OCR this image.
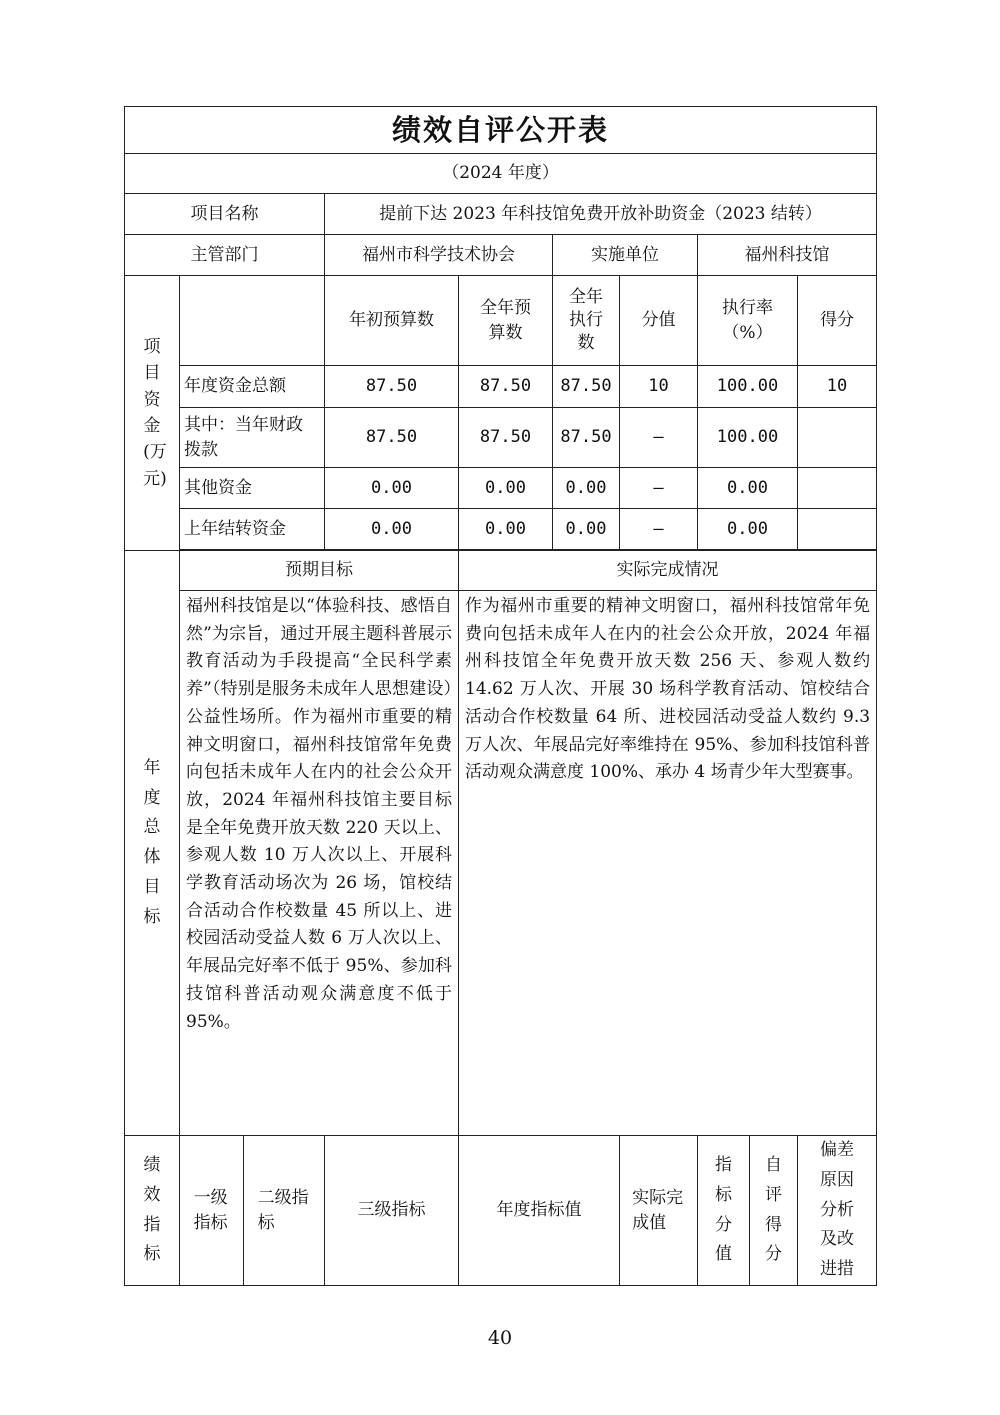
绩效自评公开表									
（2024 年度）									
项目名称			提前下达 2023 年科技馆免费开放补助资金（2023 结转）						
主管部门			福州市科学技术协会		实施单位		福州科技馆		
项目资金(万元)			年初预算数	全年预算数	全年执行数	分值	执行率（%）		得分
	年度资金总额		87.50	87.50	87.50	10	100.00		10
	其中：当年财政拨款		87.50	87.50	87.50	—	100.00		
	其他资金		0.00	0.00	0.00	—	0.00		
	上年结转资金		0.00	0.00	0.00	—	0.00		

年度总体目标	预期目标			实际完成情况					
	福州科技馆是以“体验科技、感悟自然”为宗旨，通过开展主题科普展示教育活动为手段提高“全民科学素养”（特别是服务未成年人思想建设）公益性场所。作为福州市重要的精神文明窗口，福州科技馆常年免费向包括未成年人在内的社会公众开放，2024 年福州科技馆主要目标是全年免费开放天数 220 天以上、参观人数 10 万人次以上、开展科学教育活动场次为 26 场，馆校结合活动合作校数量 45 所以上、进校园活动受益人数 6 万人次以上、年展品完好率不低于 95%、参加科技馆科普活动观众满意度不低于 95%。			作为福州市重要的精神文明窗口，福州科技馆常年免费向包括未成年人在内的社会公众开放，2024 年福州科技馆全年免费开放天数 256 天、参观人数约 14.62 万人次、开展 30 场科学教育活动、馆校结合活动合作校数量 64 所、进校园活动受益人数约 9.3 万人次、年展品完好率维持在 95%、参加科技馆科普活动观众满意度 100%、承办 4 场青少年大型赛事。					
绩效指标	一级指标	二级指标	三级指标	年度指标值		实际完成值	指标分值	自评得分	偏差原因分析及改进措
40
